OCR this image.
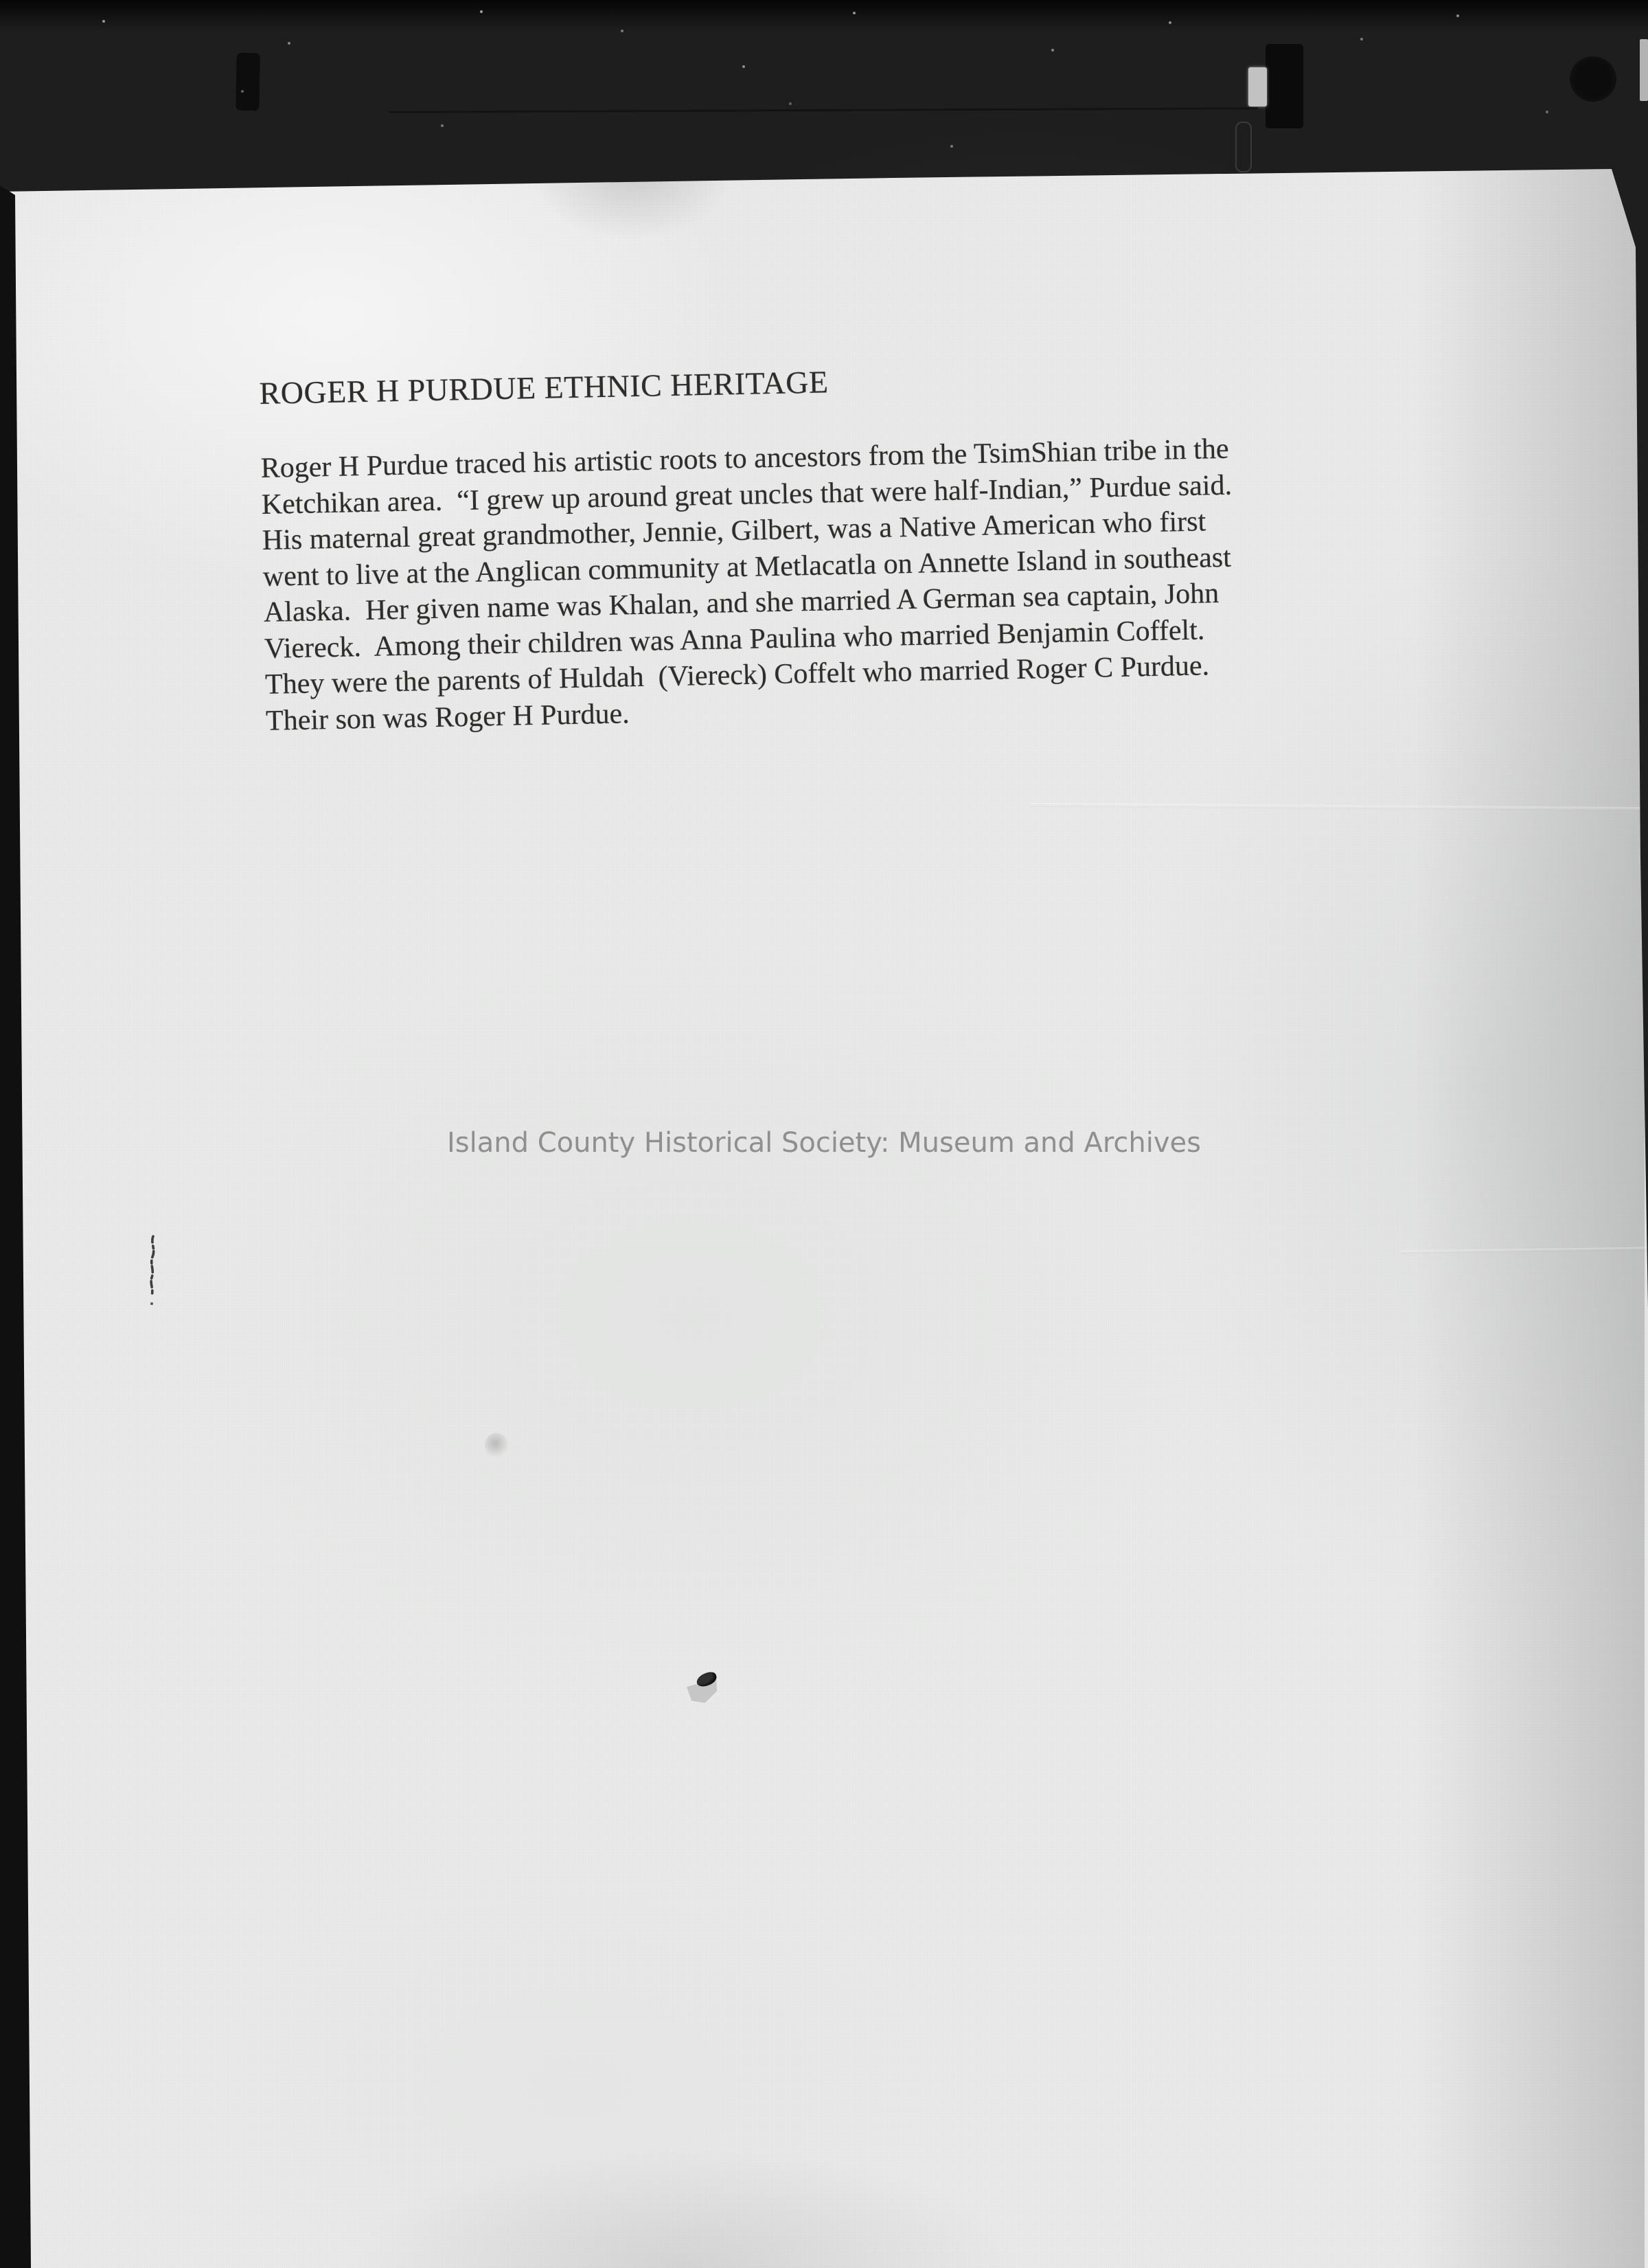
ROGER H PURDUE ETHNIC HERITAGE
Roger H Purdue traced his artistic roots to ancestors from the TsimShian tribe in the
Ketchikan area.  “I grew up around great uncles that were half-Indian,” Purdue said.
His maternal great grandmother, Jennie, Gilbert, was a Native American who first
went to live at the Anglican community at Metlacatla on Annette Island in southeast
Alaska.  Her given name was Khalan, and she married A German sea captain, John
Viereck.  Among their children was Anna Paulina who married Benjamin Coffelt.
They were the parents of Huldah  (Viereck) Coffelt who married Roger C Purdue.
Their son was Roger H Purdue.
Island County Historical Society: Museum and Archives
